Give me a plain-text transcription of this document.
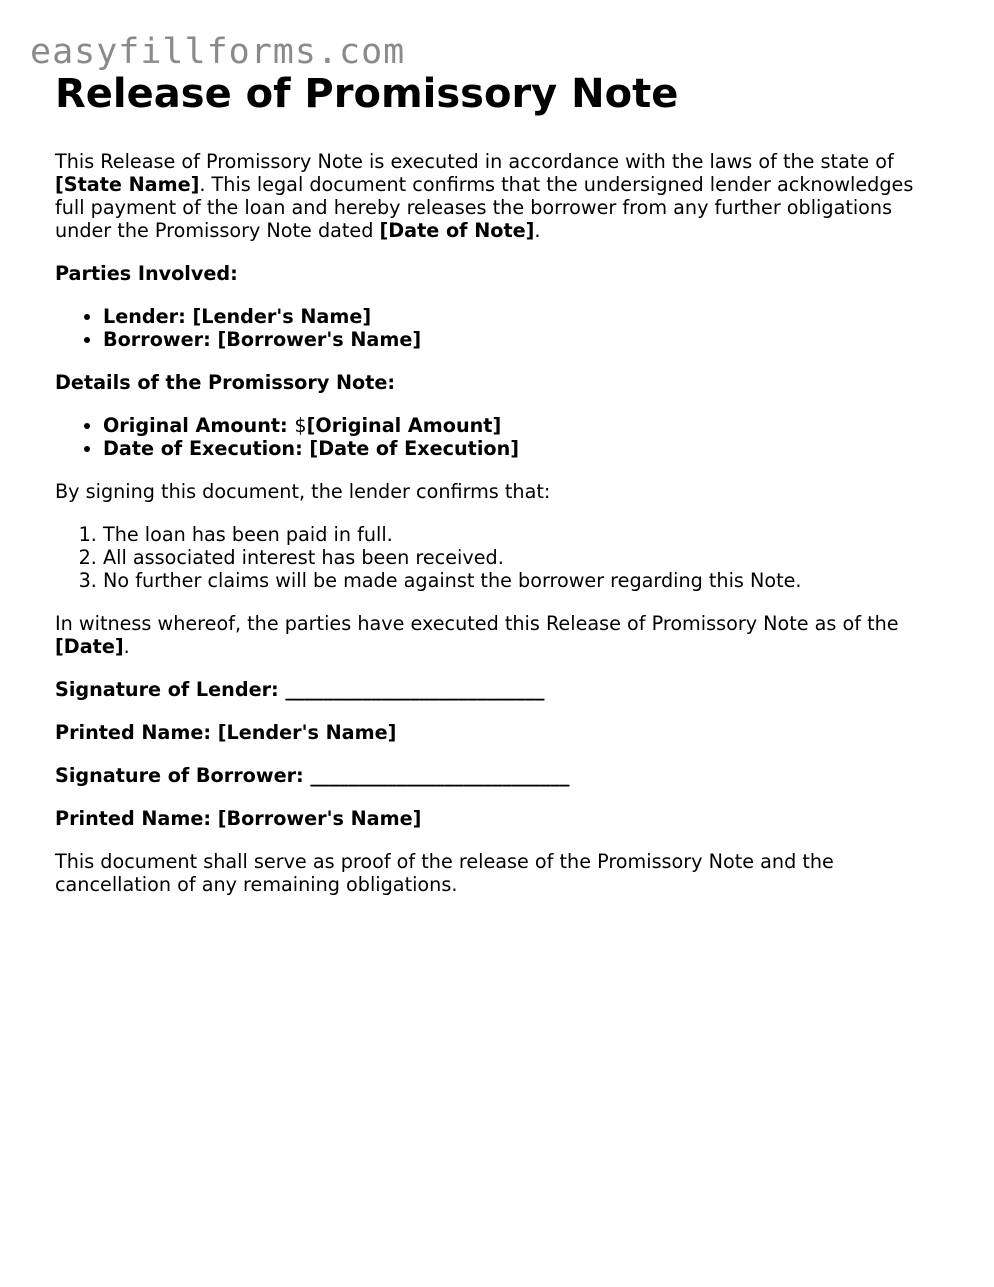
easyfillforms.com
Release of Promissory Note

This Release of Promissory Note is executed in accordance with the laws of the state of [State Name]. This legal document confirms that the undersigned lender acknowledges full payment of the loan and hereby releases the borrower from any further obligations under the Promissory Note dated [Date of Note].

Parties Involved:

• Lender: [Lender's Name]
• Borrower: [Borrower's Name]

Details of the Promissory Note:

• Original Amount: $[Original Amount]
• Date of Execution: [Date of Execution]

By signing this document, the lender confirms that:

1. The loan has been paid in full.
2. All associated interest has been received.
3. No further claims will be made against the borrower regarding this Note.

In witness whereof, the parties have executed this Release of Promissory Note as of the [Date].

Signature of Lender: ___________________________

Printed Name: [Lender's Name]

Signature of Borrower: ___________________________

Printed Name: [Borrower's Name]

This document shall serve as proof of the release of the Promissory Note and the cancellation of any remaining obligations.
